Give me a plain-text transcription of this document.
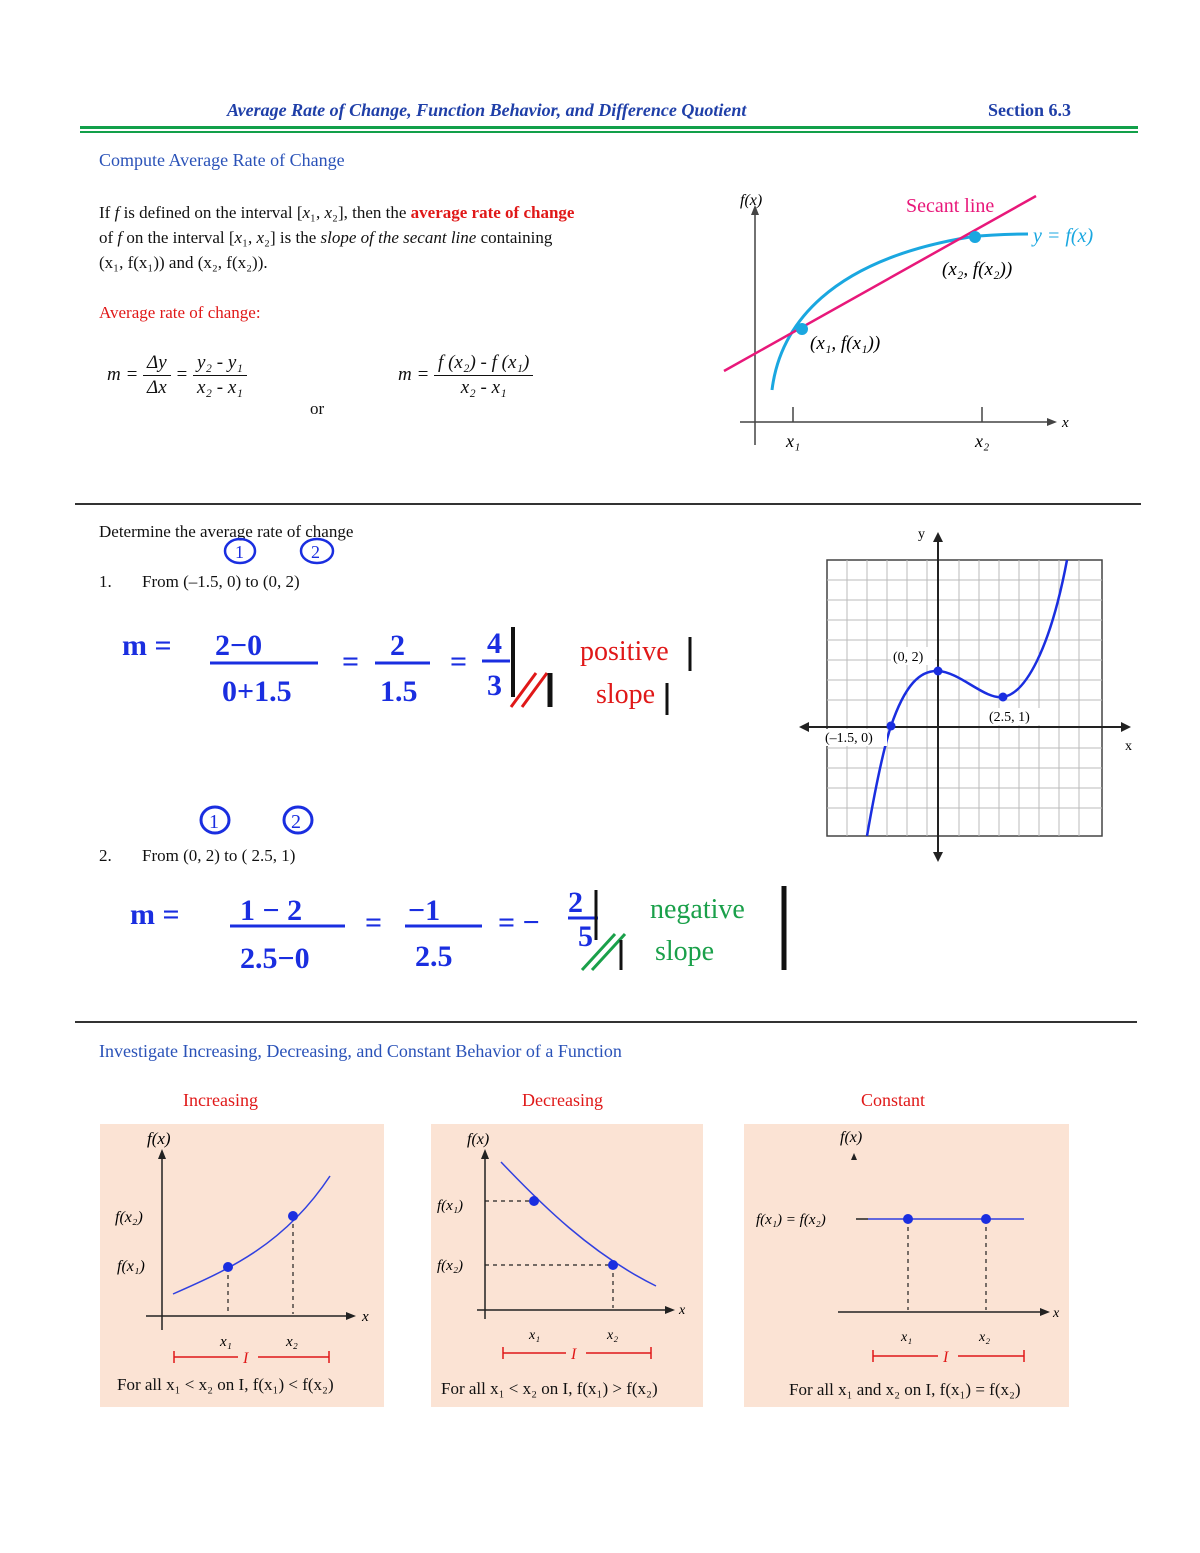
Average Rate of Change, Function Behavior, and Difference Quotient	Section 6.3
Compute Average Rate of Change
If f is defined on the interval [x₁, x₂], then the average rate of change
of f on the interval [x₁, x₂] is the slope of the secant line containing
(x₁, f(x₁)) and (x₂, f(x₂)).
Average rate of change:
$m = \frac{\Delta y}{\Delta x} = \frac{\text{y₂ - y₁}}{\text{x₂ - x₁}}$
or
$m = \frac{\text{f (x₂) - f (x₁)}}{\text{x₂ - x₁}}$
f(x)
x
Secant line
y = f(x)
(x₂, f(x₂))
(x₁, f(x₁))
x₁	x₂
Determine the average rate of change
1	2
1. From (–1.5, 0) to (0, 2)
m = 2−0
0+1.5
= 2
1.5
=
4
3
positive
slope
1	2
2. From (0, 2) to ( 2.5, 1)
m = 1 − 2
2.5−0
= −1
2.5
= −
2
5
negative
slope
y
x
(0, 2)
(2.5, 1)
(–1.5, 0)
Investigate Increasing, Decreasing, and Constant Behavior of a Function
Increasing	Decreasing	Constant
f(x)
x
f(x₂)
f(x₁)
x₁	x₂
I
For all x₁ < x₂ on I, f(x₁) < f(x₂)
f(x)
x
f(x₁)
f(x₂)
x₁	x₂
I
For all x₁ < x₂ on I, f(x₁) > f(x₂)
f(x)
x
f(x₁) = f(x₂)
x₁	x₂
I
For all x₁ and x₂ on I, f(x₁) = f(x₂)
